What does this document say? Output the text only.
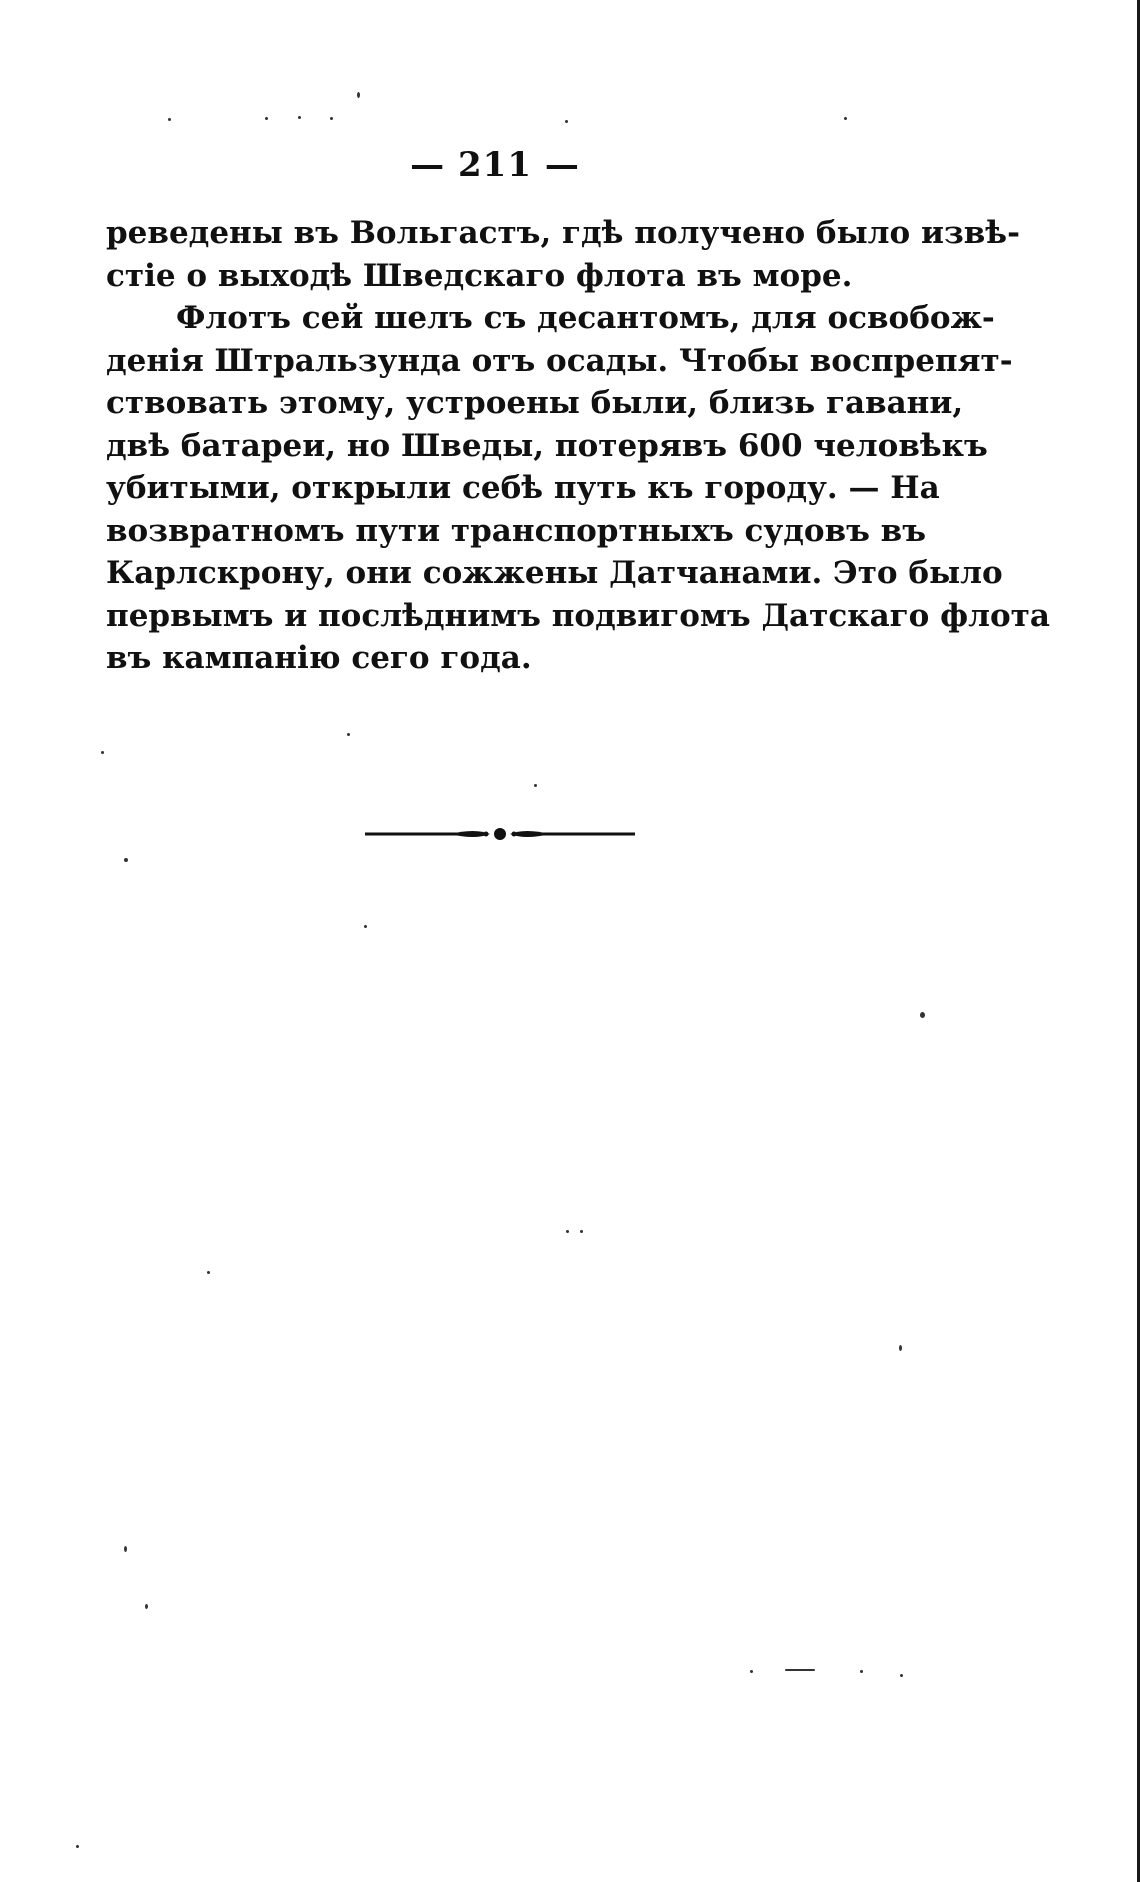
— 211 —
реведены въ Вольгастъ, гдѣ получено было извѣ-
стіе о выходѣ Шведскаго флота въ море.
Флотъ сей шелъ съ десантомъ, для освобож-
денія Штральзунда отъ осады. Чтобы воспрепят-
ствовать этому, устроены были, близь гавани,
двѣ батареи, но Шведы, потерявъ 600 человѣкъ
убитыми, открыли себѣ путь къ городу. — На
возвратномъ пути транспортныхъ судовъ въ
Карлскрону, они сожжены Датчанами. Это было
первымъ и послѣднимъ подвигомъ Датскаго флота
въ кампанію сего года.
